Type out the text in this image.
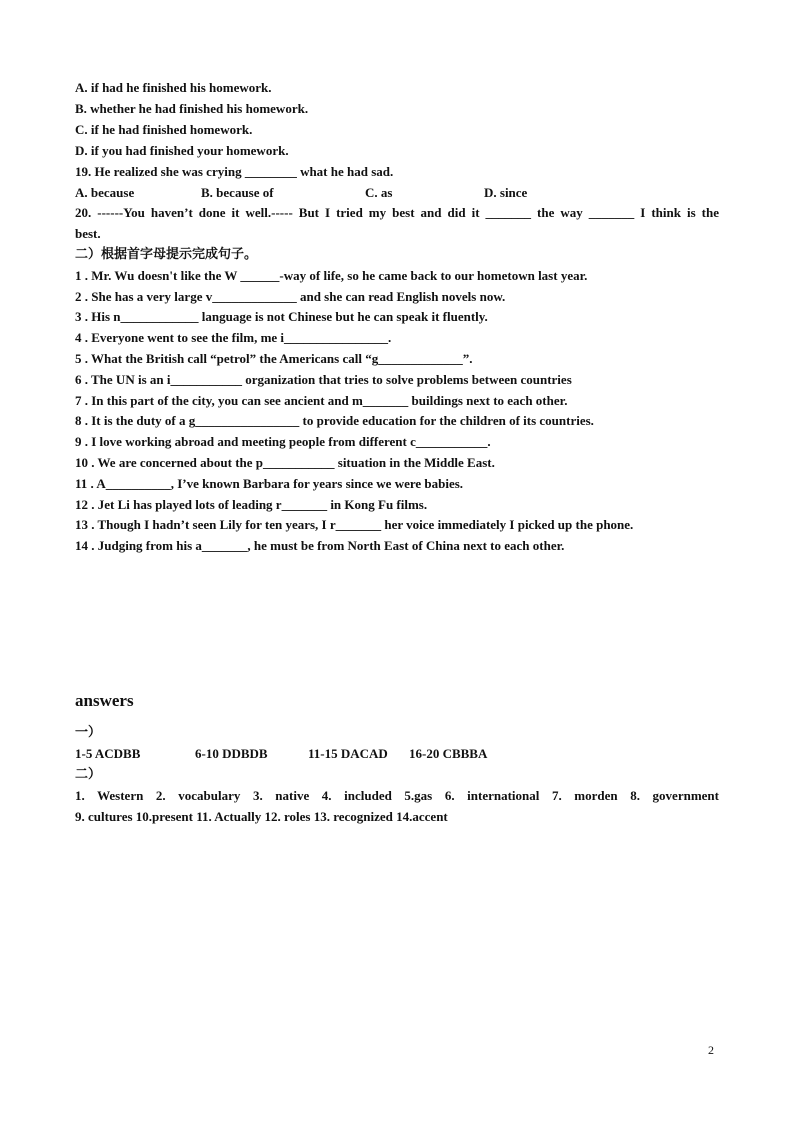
A. if had he finished his homework.
B. whether he had finished his homework.
C. if he had finished homework.
D. if you had finished your homework.
19. He realized she was crying ________ what he had sad.
A. because	B. because of	C. as	D. since
20. ------You haven’t done it well.----- But I tried my best and did it _______ the way _______ I think is the
best.
二）根据首字母提示完成句子。
1 . Mr. Wu doesn't like the W ______-way of life, so he came back to our hometown last year.
2 . She has a very large v_____________ and she can read English novels now.
3 . His n____________ language is not Chinese but he can speak it fluently.
4 . Everyone went to see the film, me i________________.
5 . What the British call “petrol” the Americans call “g_____________”.
6 . The UN is an i___________ organization that tries to solve problems between countries
7 . In this part of the city, you can see ancient and m_______ buildings next to each other.
8 . It is the duty of a g________________ to provide education for the children of its countries.
9 . I love working abroad and meeting people from different c___________.
10 . We are concerned about the p___________ situation in the Middle East.
11 . A__________, I’ve known Barbara for years since we were babies.
12 . Jet Li has played lots of leading r_______ in Kong Fu films.
13 . Though I hadn’t seen Lily for ten years, I r_______ her voice immediately I picked up the phone.
14 . Judging from his a_______, he must be from North East of China next to each other.
answers
一）
1-5 ACDBB	6-10 DDBDB	11-15 DACAD 16-20 CBBBA
二）
1. Western 2. vocabulary 3. native 4. included 5.gas 6. international 7. morden 8. government
9. cultures 10.present 11. Actually 12. roles 13. recognized 14.accent
2
